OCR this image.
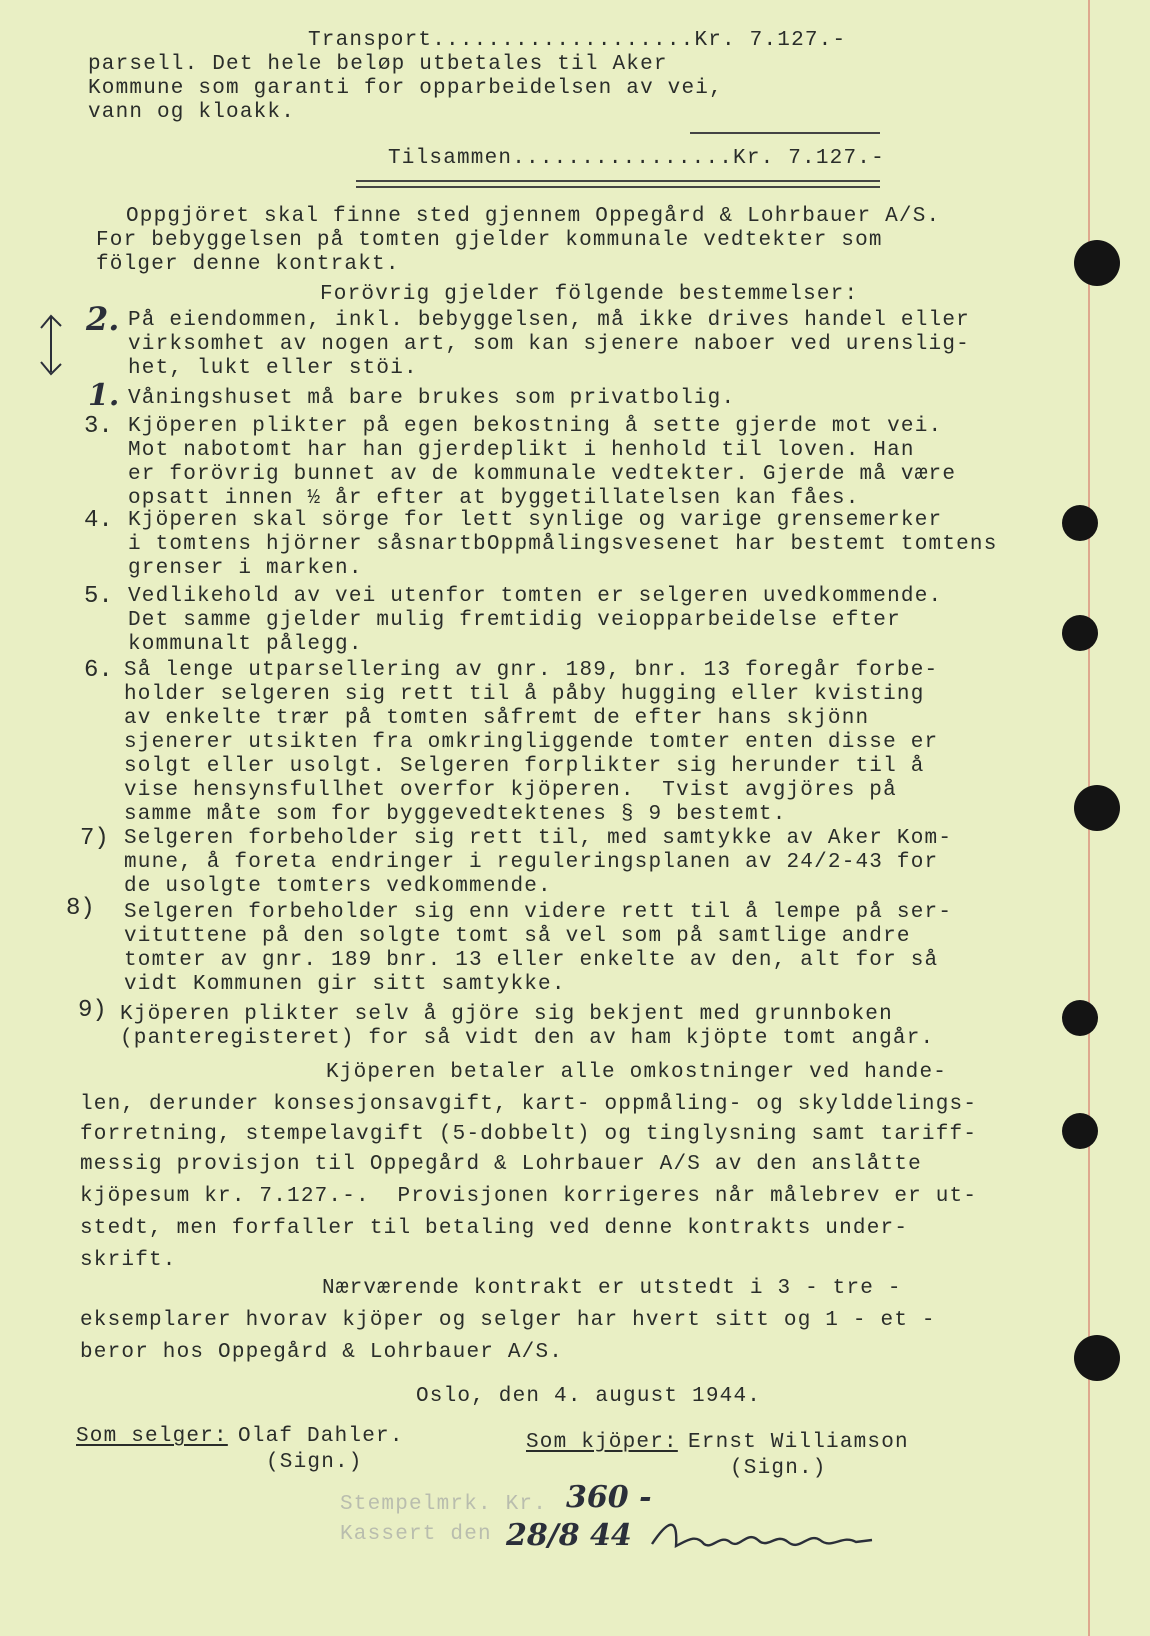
Transport...................Kr. 7.127.-
parsell. Det hele beløp utbetales til Aker
Kommune som garanti for opparbeidelsen av vei,
vann og kloakk.
Tilsammen................Kr. 7.127.-
Oppgjöret skal finne sted gjennem Oppegård & Lohrbauer A/S.
For bebyggelsen på tomten gjelder kommunale vedtekter som
fölger denne kontrakt.
Forövrig gjelder fölgende bestemmelser:
2. På eiendommen, inkl. bebyggelsen, må ikke drives handel eller
virksomhet av nogen art, som kan sjenere naboer ved urenslig-
het, lukt eller stöi.
1. Våningshuset må bare brukes som privatbolig.
3. Kjöperen plikter på egen bekostning å sette gjerde mot vei.
Mot nabotomt har han gjerdeplikt i henhold til loven. Han
er forövrig bunnet av de kommunale vedtekter. Gjerde må være
opsatt innen ½ år efter at byggetillatelsen kan fåes.
4. Kjöperen skal sörge for lett synlige og varige grensemerker
i tomtens hjörner såsnartbOppmålingsvesenet har bestemt tomtens
grenser i marken.
5. Vedlikehold av vei utenfor tomten er selgeren uvedkommende.
Det samme gjelder mulig fremtidig veiopparbeidelse efter
kommunalt pålegg.
6. Så lenge utparsellering av gnr. 189, bnr. 13 foregår forbe-
holder selgeren sig rett til å påby hugging eller kvisting
av enkelte trær på tomten såfremt de efter hans skjönn
sjenerer utsikten fra omkringliggende tomter enten disse er
solgt eller usolgt. Selgeren forplikter sig herunder til å
vise hensynsfullhet overfor kjöperen.  Tvist avgjöres på
samme måte som for byggevedtektenes § 9 bestemt.
7) Selgeren forbeholder sig rett til, med samtykke av Aker Kom-
mune, å foreta endringer i reguleringsplanen av 24/2-43 for
de usolgte tomters vedkommende.
8) Selgeren forbeholder sig enn videre rett til å lempe på ser-
vituttene på den solgte tomt så vel som på samtlige andre
tomter av gnr. 189 bnr. 13 eller enkelte av den, alt for så
vidt Kommunen gir sitt samtykke.
9) Kjöperen plikter selv å gjöre sig bekjent med grunnboken
(panteregisteret) for så vidt den av ham kjöpte tomt angår.
Kjöperen betaler alle omkostninger ved hande-
len, derunder konsesjonsavgift, kart- oppmåling- og skylddelings-
forretning, stempelavgift (5-dobbelt) og tinglysning samt tariff-
messig provisjon til Oppegård & Lohrbauer A/S av den anslåtte
kjöpesum kr. 7.127.-.  Provisjonen korrigeres når målebrev er ut-
stedt, men forfaller til betaling ved denne kontrakts under-
skrift.
Nærværende kontrakt er utstedt i 3 - tre -
eksemplarer hvorav kjöper og selger har hvert sitt og 1 - et -
beror hos Oppegård & Lohrbauer A/S.
Oslo, den 4. august 1944.
Som selger: Olaf Dahler.
(Sign.)
Som kjöper: Ernst Williamson
(Sign.)
Stempelmrk. Kr.
Kassert den
360 -
28/8 44
